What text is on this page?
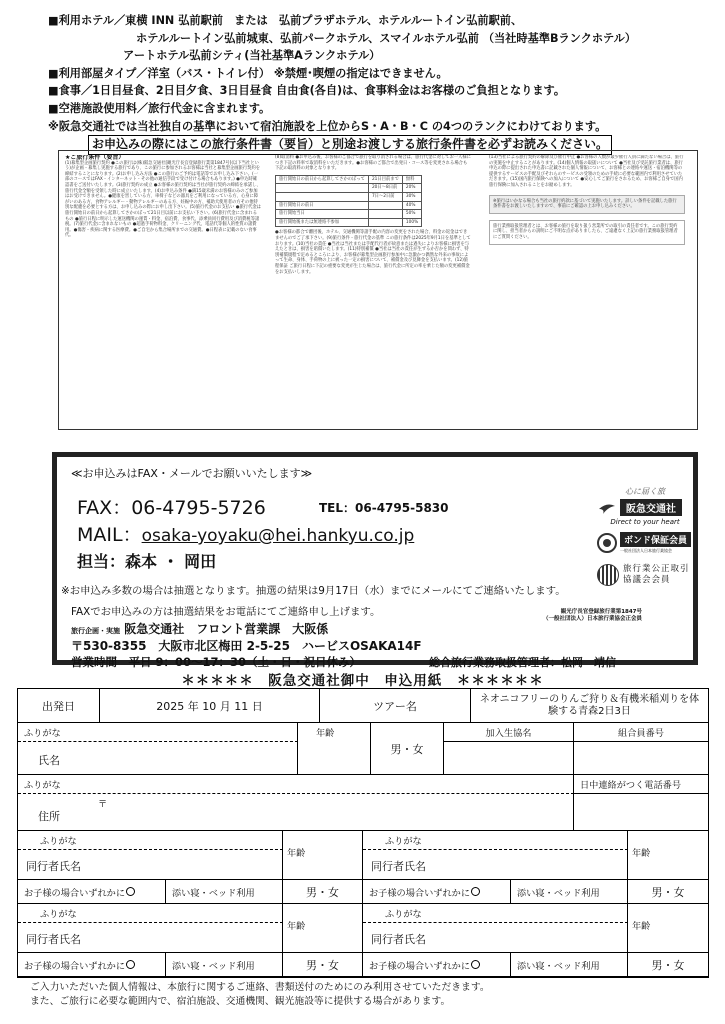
■利用ホテル／東横 INN 弘前駅前　または　弘前プラザホテル、ホテルルートイン弘前駅前、
ホテルルートイン弘前城東、弘前パークホテル、スマイルホテル弘前 （当社時基準Bランクホテル）
アートホテル弘前シティ(当社基準Aランクホテル）
■利用部屋タイプ／洋室（バス・トイレ付） ※禁煙･喫煙の指定はできません。
■食事／1日目昼食、2日目夕食、3日目昼食 自由食(各自)は、食事料金はお客様のご負担となります。
■空港施設使用料／旅行代金に含まれます。
※阪急交通社では当社独自の基準において宿泊施設を上位からS・A・B・C の4つのランクにわけております。
お申込みの際にはこの旅行条件書（要旨）と別途お渡しする旅行条件書を必ずお読みください。
★ご旅行条件（要旨）
(1)募集型企画旅行契約 ●この旅行は(株)阪急交通社[観光庁長官登録旅行業第1847号](以下当社という)が企画・募集し実施する旅行であり、この旅行に参加されるお客様は当社と募集型企画旅行契約を締結することになります。(2)お申し込み方法 ●この旅行のご予約は電話等でお申し込み下さい。(一部のコースではFAX・インターネット・その他の通信手段で受け付ける場合もあります。) ●申込時確認書をご送付いたします。(3)旅行契約の成立 ●お客様の旅行契約は当社が旅行契約の締結を承諾し、旅行代金全額を受領した時に成立いたします。(4)お申込み条件 ●満15歳未満のお客様のみのご参加はお受けできません。●健康を害している方、車椅子などの器具をご利用になっている方、心身に障がいのある方、食物アレルギー・動物アレルギーのある方、妊娠中の方、補助犬使用者の方その他特別な配慮を必要とする方は、お申し込みの際にお申し出下さい。(5)旅行代金のお支払い ●旅行代金は旅行開始日の前日から起算してさかのぼって21日目以前にお支払い下さい。(6)旅行代金に含まれるもの ●旅行日程に明示した運送機関の運賃・料金、宿泊費、食事代、添乗員同行費用及び消費税等諸税。(7)旅行代金に含まれないもの ●超過手荷物料金、クリーニング代、電話代等個人的性質の諸費用。●傷害・疾病に関する医療費。●ご自宅から集合場所までの交通費。●日程表に記載のない食事代。
(8)取消料 ●お申込み後、お客様のご都合で旅行を取り消される場合は、旅行代金に対してお一人様につき下記の料率で取消料をいただきます。●お客様のご都合で出発日・コース等を変更される場合も下記の取消料の対象となります。
旅行開始日の前日から起算してさかのぼって	21日目前まで	無料
	20日〜8日前	20%
	7日〜2日前	30%
旅行開始日の前日		40%
旅行開始当日		50%
旅行開始後または無連絡不参加		100%
●お客様の都合で離団後、ホテル、交通機関等諸手配の内容の変更をされた場合、料金の返金はできませんのでご了承下さい。(9)旅行条件・旅行代金の基準 この旅行条件は2025年9月1日を基準としております。(10)当社の責任 ●当社は当社または手配代行者が故意または過失によりお客様に損害を与えたときは、損害を賠償いたします。(11)特別補償 ●当社は当社の責任が生ずるか否かを問わず、特別補償規程で定めるところにより、お客様が募集型企画旅行参加中に急激かつ偶然な外来の事故によって生命、身体、手荷物の上に被った一定の損害について、補償金及び見舞金を支払います。(12)旅程保証 ご旅行日程に下記の重要な変更が生じた場合は、旅行代金に所定の率を乗じた額の変更補償金をお支払いします。
(13)当社による旅行契約の解除及び催行中止 ●お客様の人数が最少催行人員に満たない場合は、旅行の実施を中止することがあります。(14)個人情報の取扱いについて ●当社及び受託旅行業者は、旅行申込の際に提出された申込書に記載された個人情報について、お客様との連絡や運送・宿泊機関等の提供するサービスの手配及びそれらのサービスの受領のための手続に必要な範囲内で利用させていただきます。(15)国内旅行保険への加入について ●安心してご旅行をされるため、お客様ご自身で国内旅行保険に加入されることをお勧めします。
※旅行はいかなる場合も当社の旅行約款に基づいて実施いたします。詳しい条件を記載した旅行条件書をお渡しいたしますので、事前にご確認の上お申し込みください。
旅行業務取扱管理者とは、お客様の旅行を取り扱う営業所での取引の責任者です。この旅行契約に関し、担当者からの説明にご不明な点がありましたら、ご遠慮なく上記の旅行業務取扱管理者にご質問ください。
≪お申込みはFAX・メールでお願いいたします≫
FAX：06-4795-5726	TEL：06-4795-5830
MAIL：osaka-yoyaku@hei.hankyu.co.jp
担当：森本 ・ 岡田
※お申込み多数の場合は抽選となります。抽選の結果は9月17日（水）までにメールにてご連絡いたします。
FAXでお申込みの方は抽選結果をお電話にてご連絡申し上げます。
旅行企画・実施 阪急交通社　フロント営業課　大阪係
〒530-8355　大阪市北区梅田 2-5-25　ハービスOSAKA14F
営業時間　平日 9：00〜17：30（土・日・祝日休み）	総合旅行業務取扱管理者：松岡　靖信
観光庁長官登録旅行業第1847号
（一般社団法人）日本旅行業協会正会員
心に届く旅
阪急交通社
Direct to your heart
ボンド保証会員
一般社団法人日本旅行業協会
旅行業公正取引
協議会会員
＊＊＊＊＊　阪急交通社御中　申込用紙　＊＊＊＊＊＊
出発日	2025 年 10 月 11 日	ツアー名
ネオニコフリーのりんご狩り＆有機米稲刈りを体験する青森2日3日
ふりがな
氏名
年齢
男・女
加入生協名	組合員番号
ふりがな	日中連絡がつく電話番号
住所
〒
ふりがな
同行者氏名
年齢
お子様の場合いずれかに	添い寝・ベッド利用	男・女
ふりがな
同行者氏名
年齢
お子様の場合いずれかに	添い寝・ベッド利用	男・女
ふりがな
同行者氏名
年齢
お子様の場合いずれかに	添い寝・ベッド利用	男・女
ふりがな
同行者氏名
年齢
お子様の場合いずれかに	添い寝・ベッド利用	男・女
ご入力いただいた個人情報は、本旅行に関するご連絡、書類送付のためにのみ利用させていただきます。
また、ご旅行に必要な範囲内で、宿泊施設、交通機関、観光施設等に提供する場合があります。
